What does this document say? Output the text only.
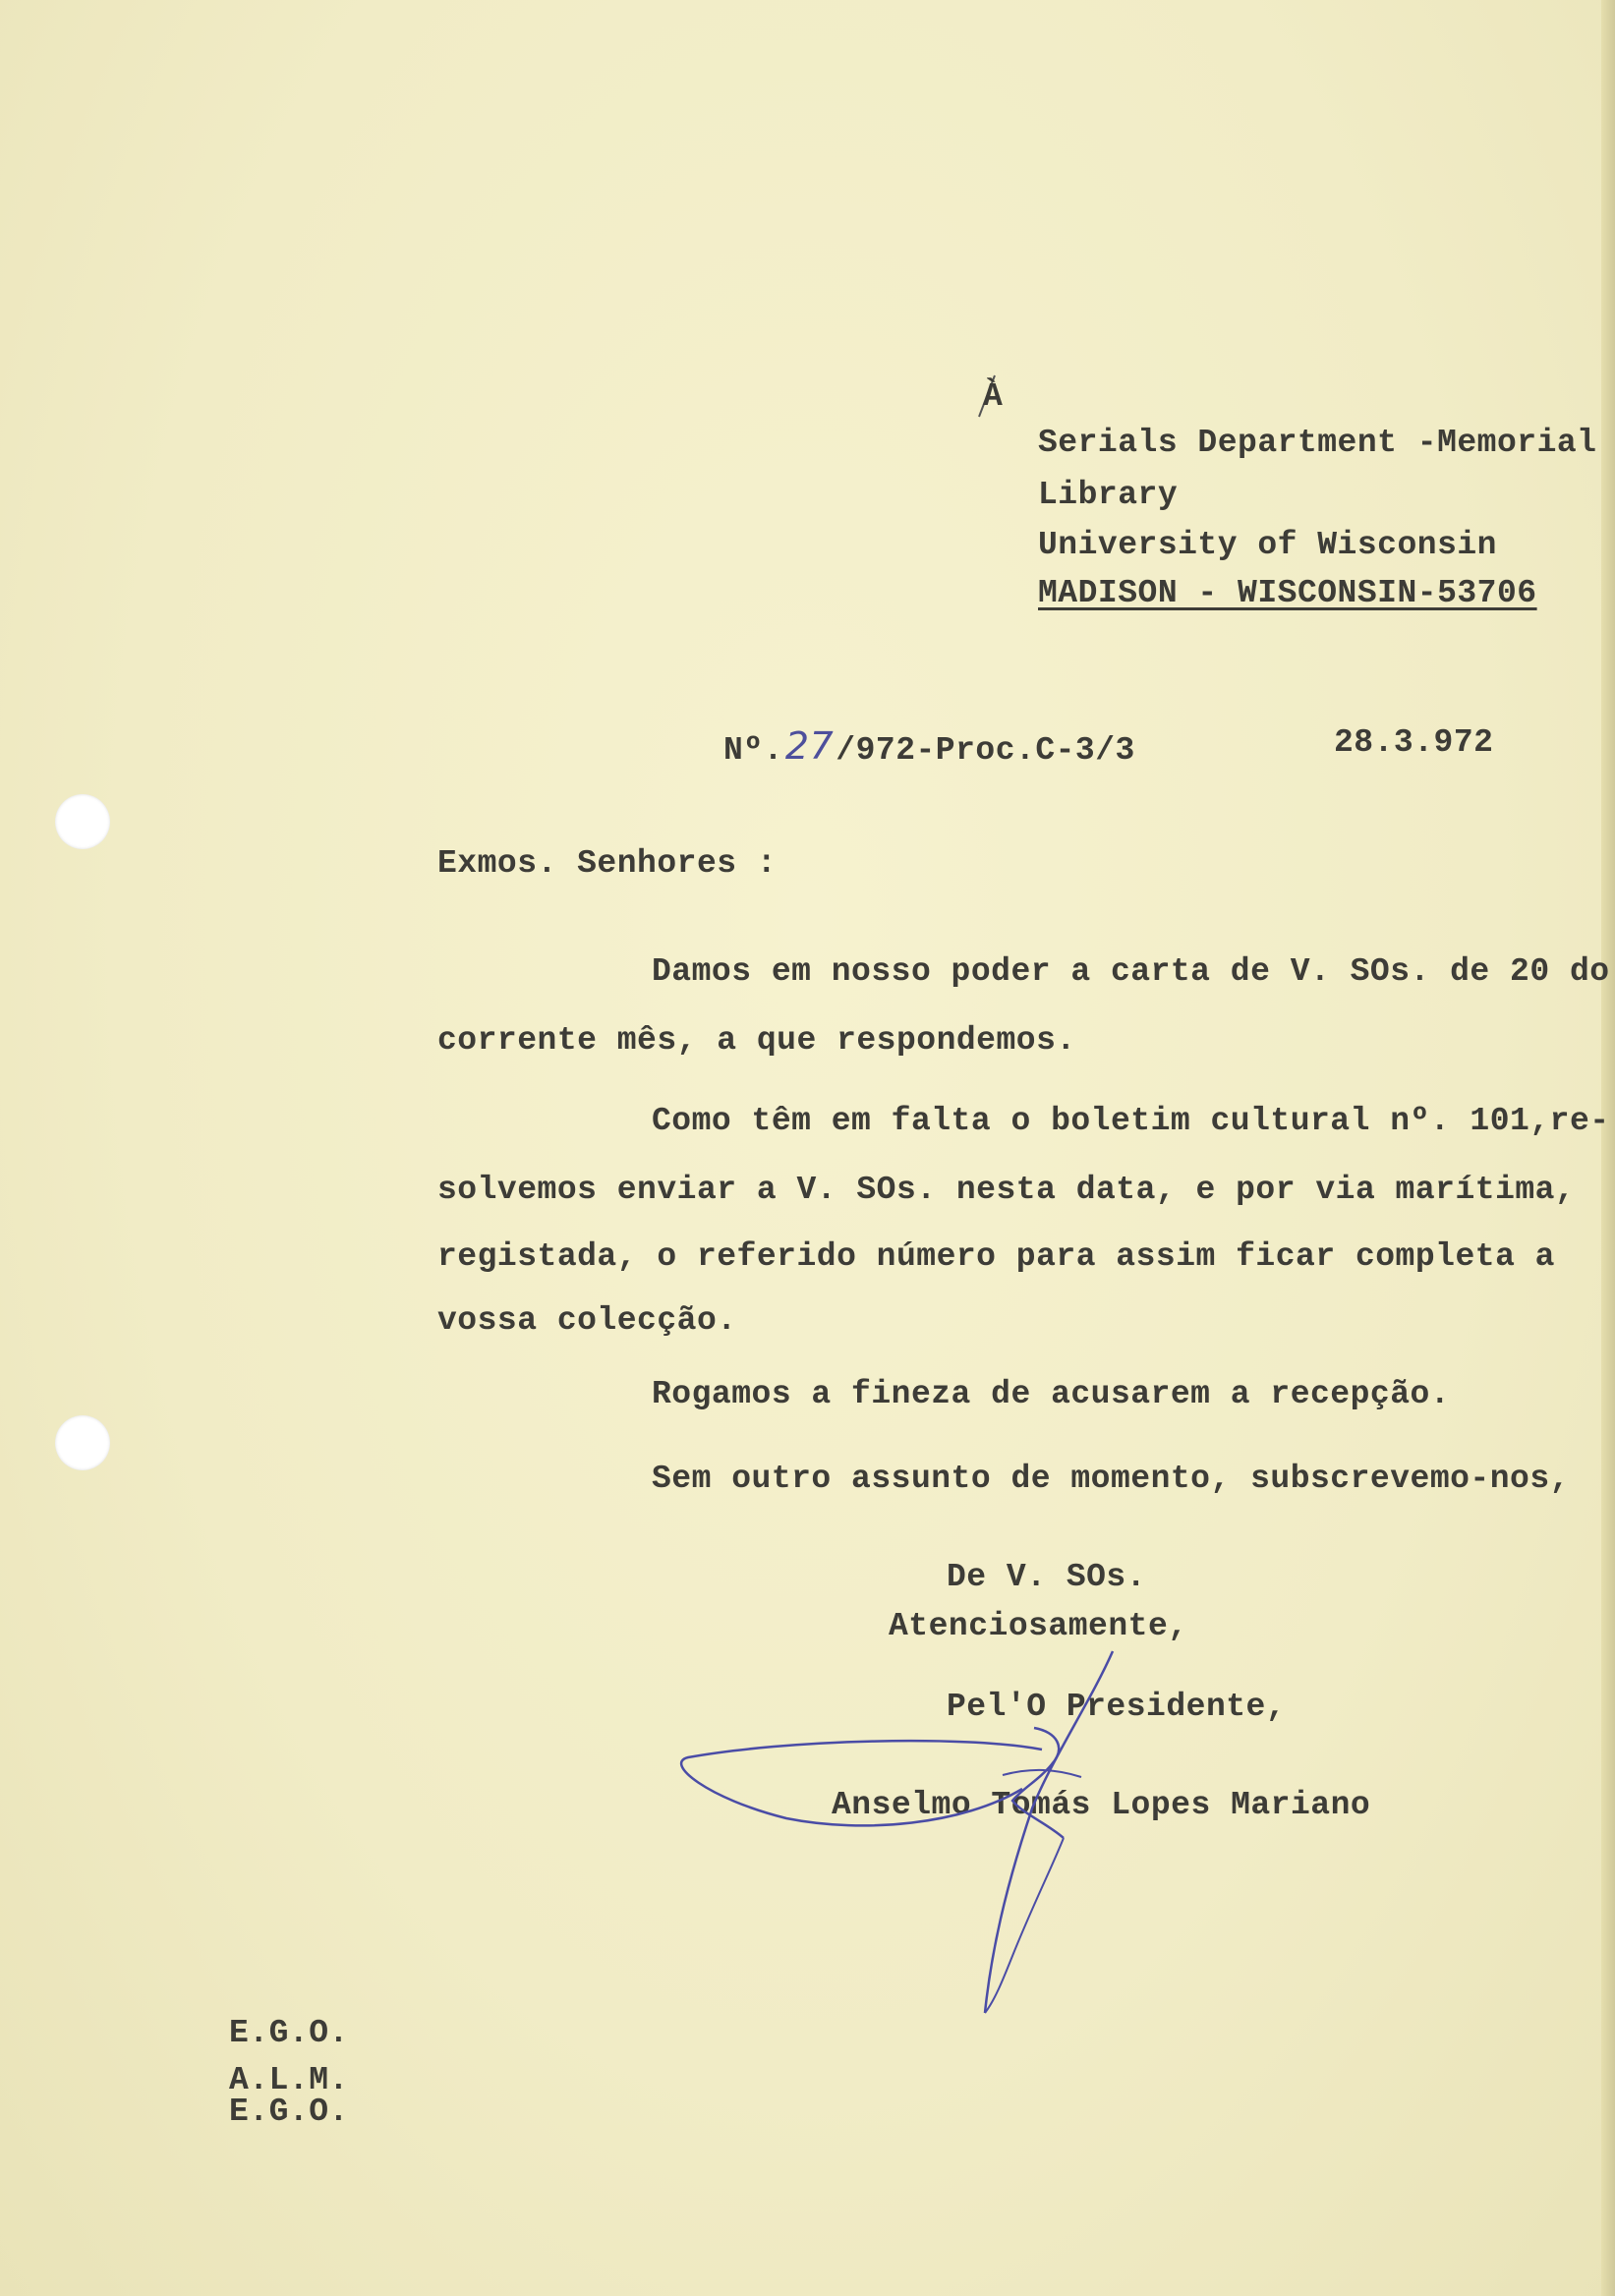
À
Serials Department -Memorial
Library
University of Wisconsin
MADISON - WISCONSIN-53706
Nº. 27 /972-Proc.C-3/3	28.3.972
Exmos. Senhores :
Damos em nosso poder a carta de V. SOs. de 20 do
corrente mês, a que respondemos.
Como têm em falta o boletim cultural nº. 101,re-
solvemos enviar a V. SOs. nesta data, e por via marítima,
registada, o referido número para assim ficar completa a
vossa colecção.
Rogamos a fineza de acusarem a recepção.
Sem outro assunto de momento, subscrevemo-nos,
De V. SOs.
Atenciosamente,
Pel'O Presidente,
Anselmo Tomás Lopes Mariano
E.G.O.
A.L.M.
E.G.O.
